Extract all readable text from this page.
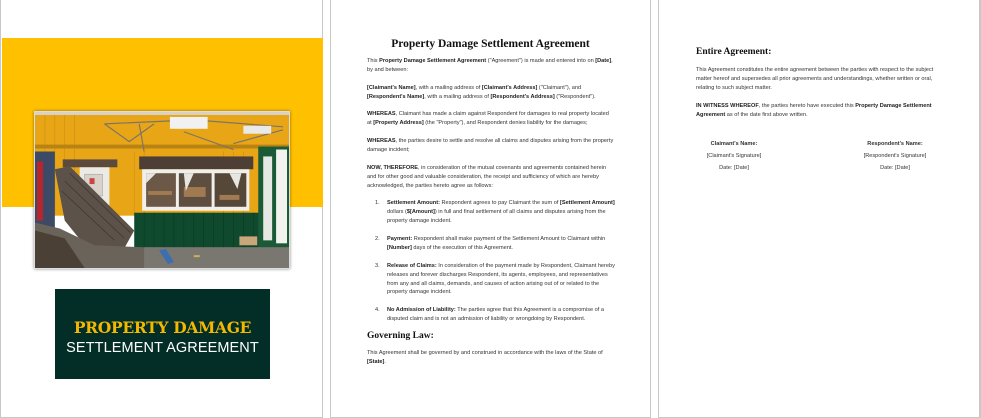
PROPERTY DAMAGE
SETTLEMENT AGREEMENT
Property Damage Settlement Agreement

This Property Damage Settlement Agreement ("Agreement") is made and entered into on [Date], by and between:

[Claimant's Name], with a mailing address of [Claimant's Address] ("Claimant"), and [Respondent's Name], with a mailing address of [Respondent's Address] ("Respondent").

WHEREAS, Claimant has made a claim against Respondent for damages to real property located at [Property Address] (the "Property"), and Respondent denies liability for the damages;

WHEREAS, the parties desire to settle and resolve all claims and disputes arising from the property damage incident;

NOW, THEREFORE, in consideration of the mutual covenants and agreements contained herein and for other good and valuable consideration, the receipt and sufficiency of which are hereby acknowledged, the parties hereto agree as follows:

1. Settlement Amount: Respondent agrees to pay Claimant the sum of [Settlement Amount] dollars ($[Amount]) in full and final settlement of all claims and disputes arising from the property damage incident.
2. Payment: Respondent shall make payment of the Settlement Amount to Claimant within [Number] days of the execution of this Agreement.
3. Release of Claims: In consideration of the payment made by Respondent, Claimant hereby releases and forever discharges Respondent, its agents, employees, and representatives from any and all claims, demands, and causes of action arising out of or related to the property damage incident.
4. No Admission of Liability: The parties agree that this Agreement is a compromise of a disputed claim and is not an admission of liability or wrongdoing by Respondent.
Governing Law:

This Agreement shall be governed by and construed in accordance with the laws of the State of [State].

Entire Agreement:

This Agreement constitutes the entire agreement between the parties with respect to the subject matter hereof and supersedes all prior agreements and understandings, whether written or oral, relating to such subject matter.

IN WITNESS WHEREOF, the parties hereto have executed this Property Damage Settlement Agreement as of the date first above written.

Claimant's Name:
[Claimant's Signature]
Date: [Date]
Respondent's Name:
[Respondent's Signature]
Date: [Date]
